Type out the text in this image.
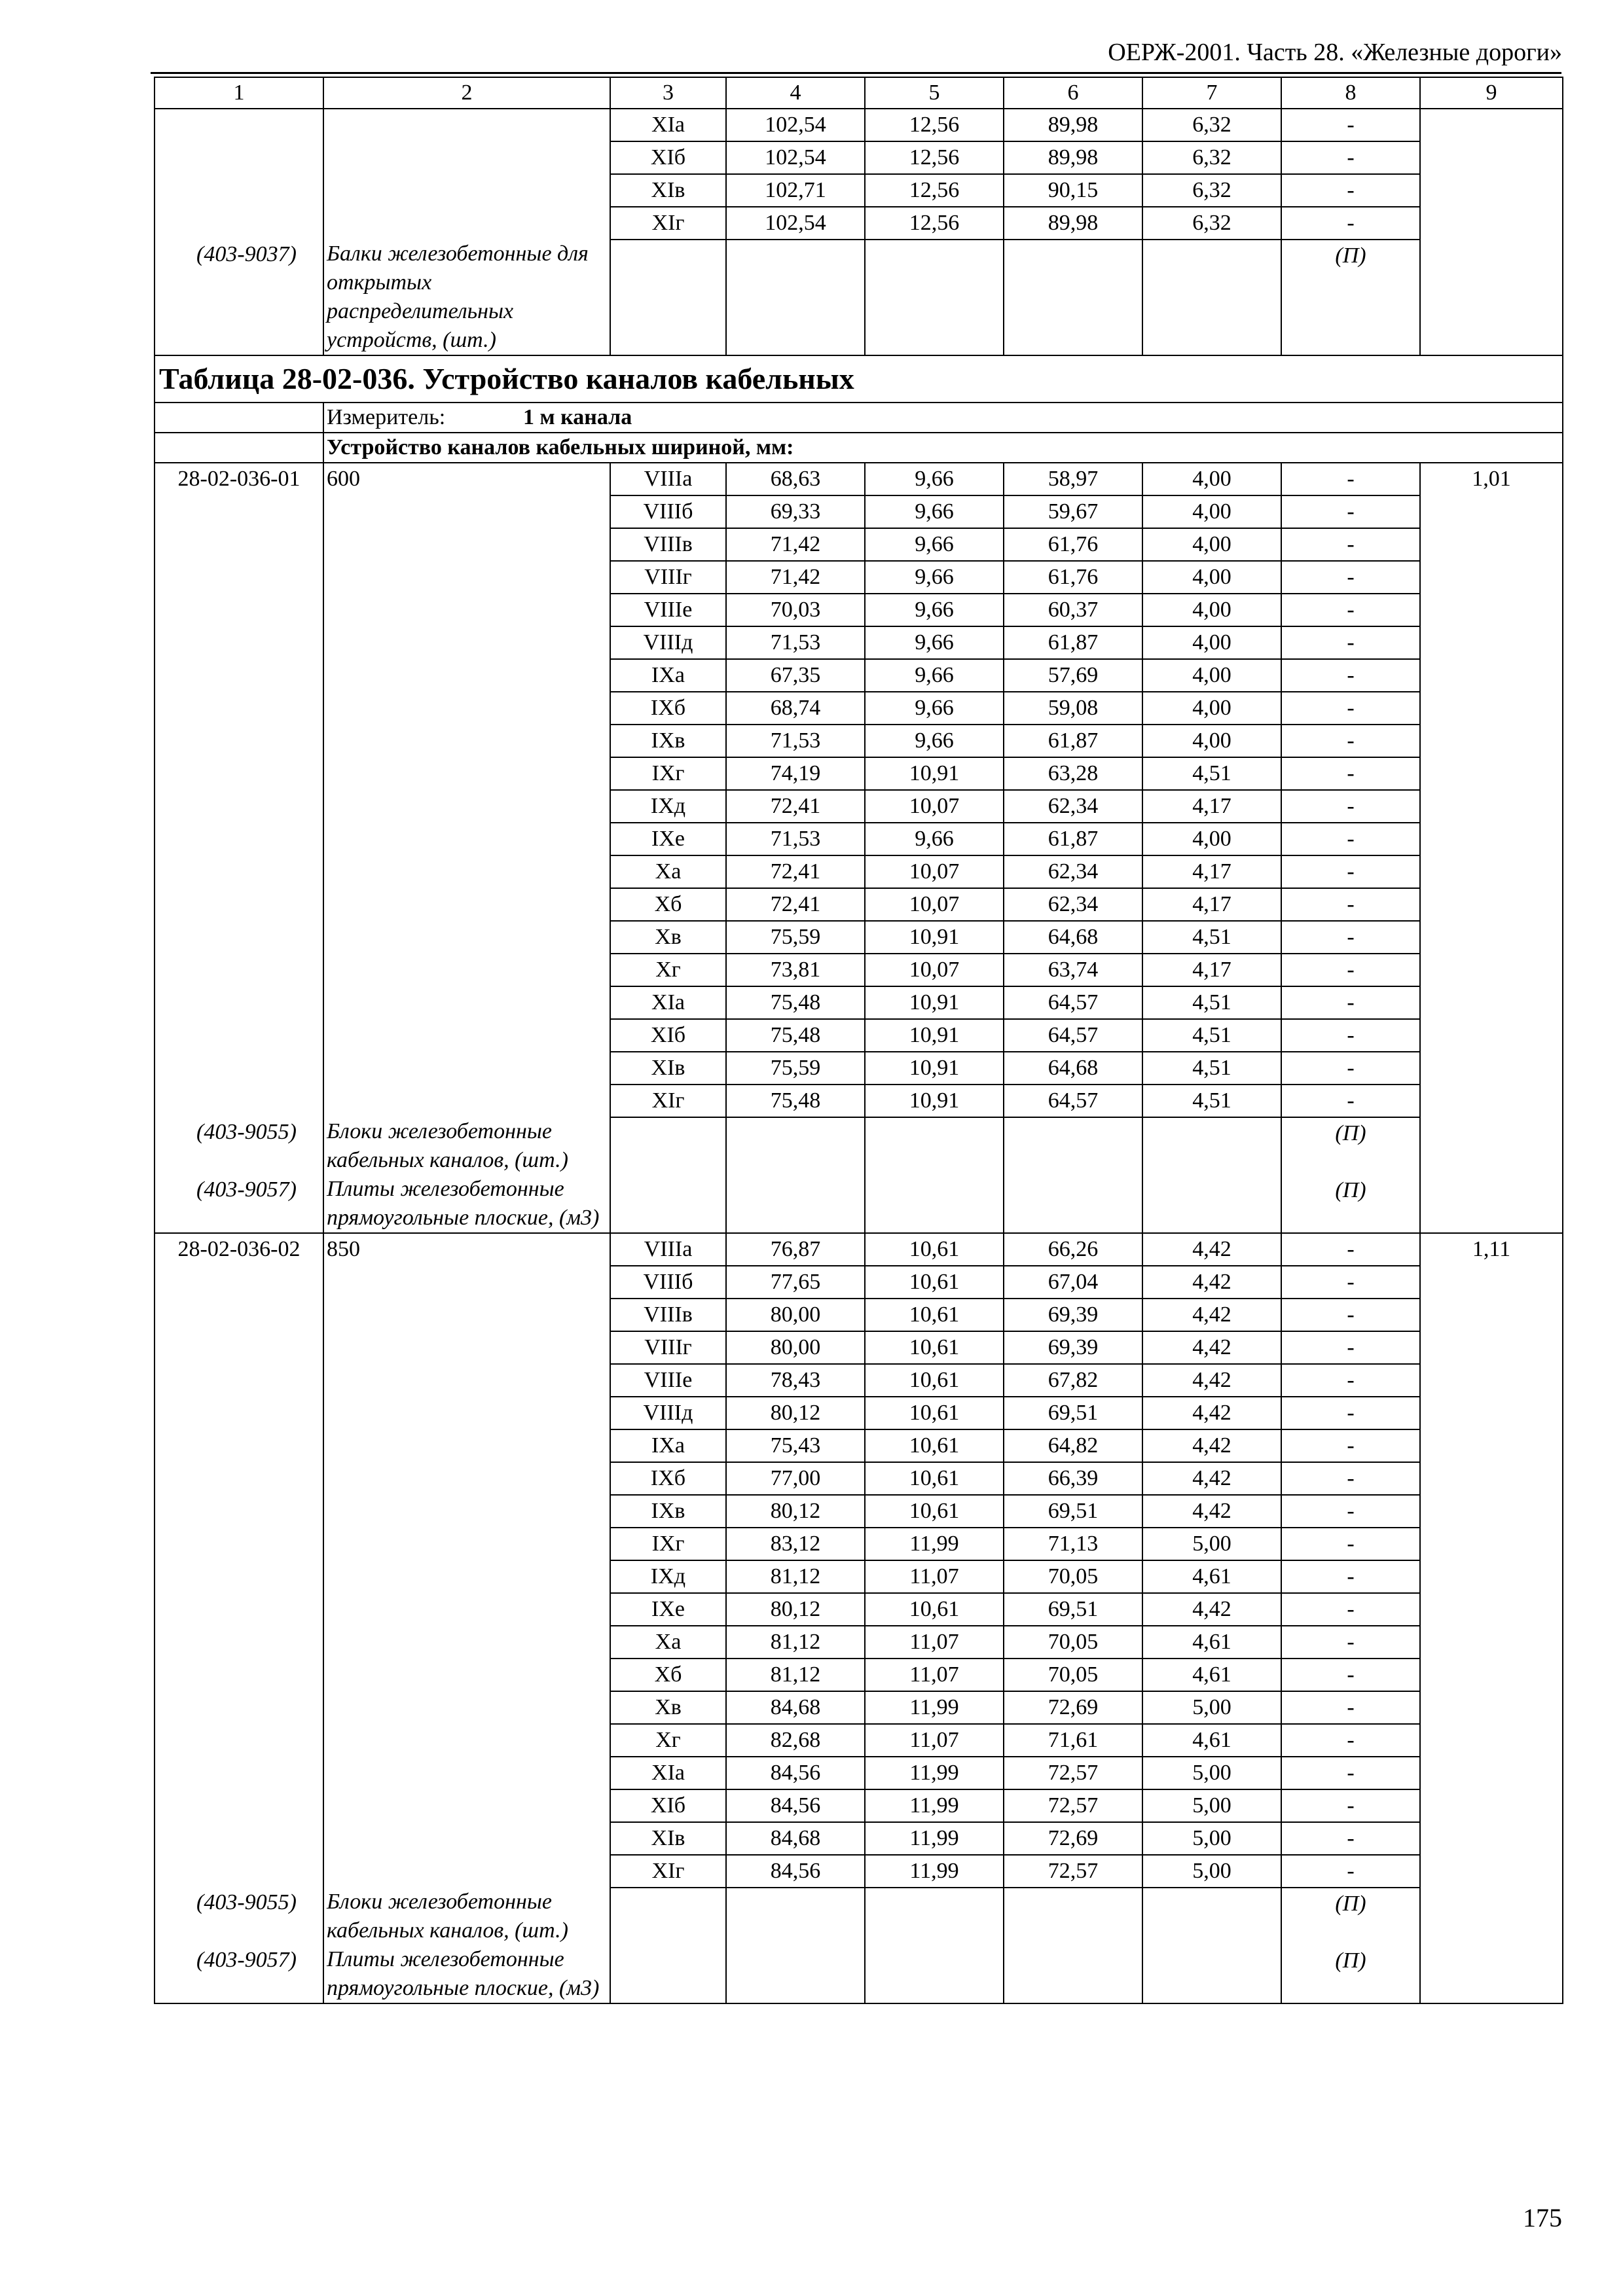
ОЕРЖ-2001. Часть 28. «Железные дороги»
1	2	3	4	5	6	7	8	9
		XIа	102,54	12,56	89,98	6,32	-	
		XIб	102,54	12,56	89,98	6,32	-	
		XIв	102,71	12,56	90,15	6,32	-	
		XIг	102,54	12,56	89,98	6,32	-	
(403-9037)	Балки железобетонные для открытых распределительных устройств, (шт.)						(П)	
Таблица 28-02-036. Устройство каналов кабельных								
	Измеритель: 1 м канала							
	Устройство каналов кабельных шириной, мм:							
28-02-036-01	600	VIIIа	68,63	9,66	58,97	4,00	-	1,01
		VIIIб	69,33	9,66	59,67	4,00	-	
		VIIIв	71,42	9,66	61,76	4,00	-	
		VIIIг	71,42	9,66	61,76	4,00	-	
		VIIIе	70,03	9,66	60,37	4,00	-	
		VIIIд	71,53	9,66	61,87	4,00	-	
		IXа	67,35	9,66	57,69	4,00	-	
		IXб	68,74	9,66	59,08	4,00	-	
		IXв	71,53	9,66	61,87	4,00	-	
		IXг	74,19	10,91	63,28	4,51	-	
		IXд	72,41	10,07	62,34	4,17	-	
		IXе	71,53	9,66	61,87	4,00	-	
		Xа	72,41	10,07	62,34	4,17	-	
		Xб	72,41	10,07	62,34	4,17	-	
		Xв	75,59	10,91	64,68	4,51	-	
		Xг	73,81	10,07	63,74	4,17	-	
		XIа	75,48	10,91	64,57	4,51	-	
		XIб	75,48	10,91	64,57	4,51	-	
		XIв	75,59	10,91	64,68	4,51	-	
		XIг	75,48	10,91	64,57	4,51	-	
(403-9055)	Блоки железобетонные кабельных каналов, (шт.)						(П)	
(403-9057)	Плиты железобетонные прямоугольные плоские, (м3)						(П)	
28-02-036-02	850	VIIIа	76,87	10,61	66,26	4,42	-	1,11
		VIIIб	77,65	10,61	67,04	4,42	-	
		VIIIв	80,00	10,61	69,39	4,42	-	
		VIIIг	80,00	10,61	69,39	4,42	-	
		VIIIе	78,43	10,61	67,82	4,42	-	
		VIIIд	80,12	10,61	69,51	4,42	-	
		IXа	75,43	10,61	64,82	4,42	-	
		IXб	77,00	10,61	66,39	4,42	-	
		IXв	80,12	10,61	69,51	4,42	-	
		IXг	83,12	11,99	71,13	5,00	-	
		IXд	81,12	11,07	70,05	4,61	-	
		IXе	80,12	10,61	69,51	4,42	-	
		Xа	81,12	11,07	70,05	4,61	-	
		Xб	81,12	11,07	70,05	4,61	-	
		Xв	84,68	11,99	72,69	5,00	-	
		Xг	82,68	11,07	71,61	4,61	-	
		XIа	84,56	11,99	72,57	5,00	-	
		XIб	84,56	11,99	72,57	5,00	-	
		XIв	84,68	11,99	72,69	5,00	-	
		XIг	84,56	11,99	72,57	5,00	-	
(403-9055)	Блоки железобетонные кабельных каналов, (шт.)						(П)	
(403-9057)	Плиты железобетонные прямоугольные плоские, (м3)						(П)	
175
